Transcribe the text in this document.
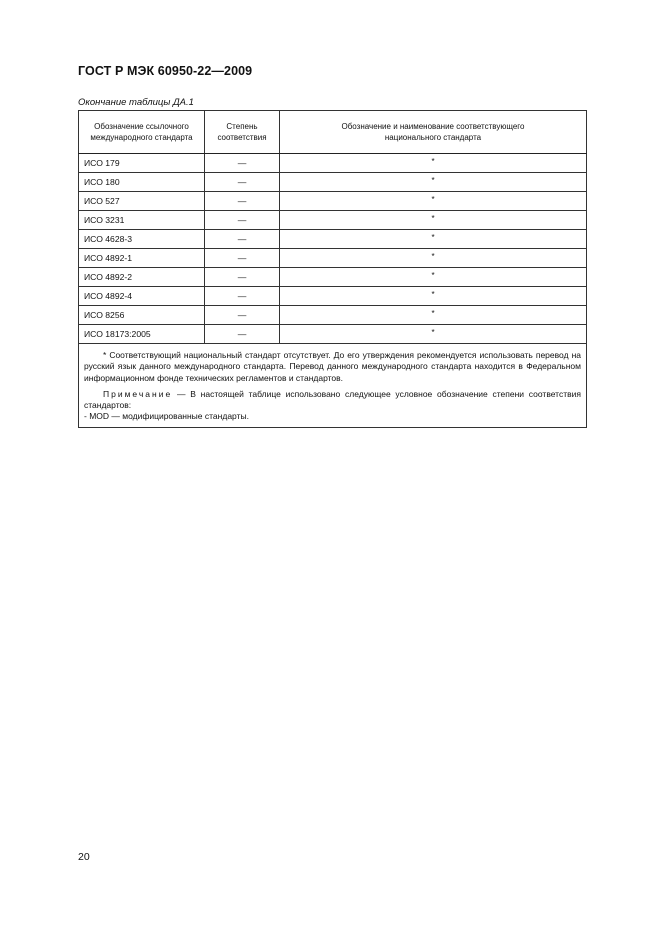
ГОСТ Р МЭК 60950-22—2009
Окончание таблицы ДА.1
Обозначение ссылочного международного стандарта	Степень соответствия	Обозначение и наименование соответствующего национального стандарта
ИСО 179	—	*
ИСО 180	—	*
ИСО 527	—	*
ИСО 3231	—	*
ИСО 4628-3	—	*
ИСО 4892-1	—	*
ИСО 4892-2	—	*
ИСО 4892-4	—	*
ИСО 8256	—	*
ИСО 18173:2005	—	*

* Соответствующий национальный стандарт отсутствует. До его утверждения рекомендуется использовать перевод на русский язык данного международного стандарта. Перевод данного международного стандарта находится в Федеральном информационном фонде технических регламентов и стандартов.

Примечание — В настоящей таблице использовано следующее условное обозначение степени соответствия стандартов:

- MOD — модифицированные стандарты.		

20
